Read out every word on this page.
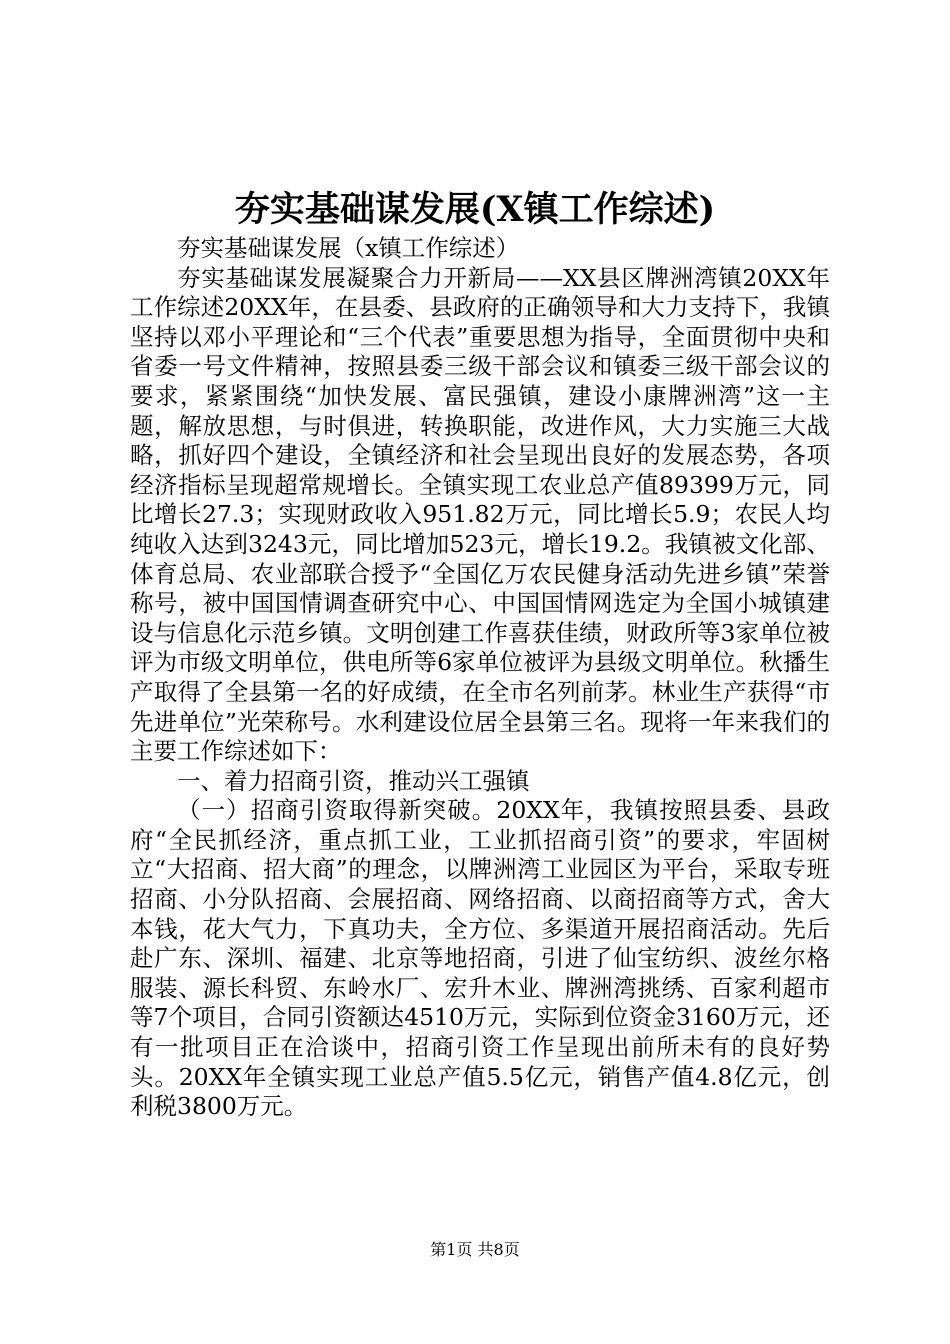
夯实基础谋发展(X镇工作综述)

夯实基础谋发展（x镇工作综述）

夯实基础谋发展凝聚合力开新局——XX县区牌洲湾镇20XX年工作综述20XX年，在县委、县政府的正确领导和大力支持下，我镇坚持以邓小平理论和“三个代表”重要思想为指导，全面贯彻中央和省委一号文件精神，按照县委三级干部会议和镇委三级干部会议的要求，紧紧围绕“加快发展、富民强镇，建设小康牌洲湾”这一主题，解放思想，与时俱进，转换职能，改进作风，大力实施三大战略，抓好四个建设，全镇经济和社会呈现出良好的发展态势，各项经济指标呈现超常规增长。全镇实现工农业总产值89399万元，同比增长27.3；实现财政收入951.82万元，同比增长5.9；农民人均纯收入达到3243元，同比增加523元，增长19.2。我镇被文化部、体育总局、农业部联合授予“全国亿万农民健身活动先进乡镇”荣誉称号，被中国国情调查研究中心、中国国情网选定为全国小城镇建设与信息化示范乡镇。文明创建工作喜获佳绩，财政所等3家单位被评为市级文明单位，供电所等6家单位被评为县级文明单位。秋播生产取得了全县第一名的好成绩，在全市名列前茅。林业生产获得“市先进单位”光荣称号。水利建设位居全县第三名。现将一年来我们的主要工作综述如下：

一、着力招商引资，推动兴工强镇

（一）招商引资取得新突破。20XX年，我镇按照县委、县政府“全民抓经济，重点抓工业，工业抓招商引资”的要求，牢固树立“大招商、招大商”的理念，以牌洲湾工业园区为平台，采取专班招商、小分队招商、会展招商、网络招商、以商招商等方式，舍大本钱，花大气力，下真功夫，全方位、多渠道开展招商活动。先后赴广东、深圳、福建、北京等地招商，引进了仙宝纺织、波丝尔格服装、源长科贸、东岭水厂、宏升木业、牌洲湾挑绣、百家利超市等7个项目，合同引资额达4510万元，实际到位资金3160万元，还有一批项目正在洽谈中，招商引资工作呈现出前所未有的良好势头。20XX年全镇实现工业总产值5.5亿元，销售产值4.8亿元，创利税3800万元。

第1页 共8页
